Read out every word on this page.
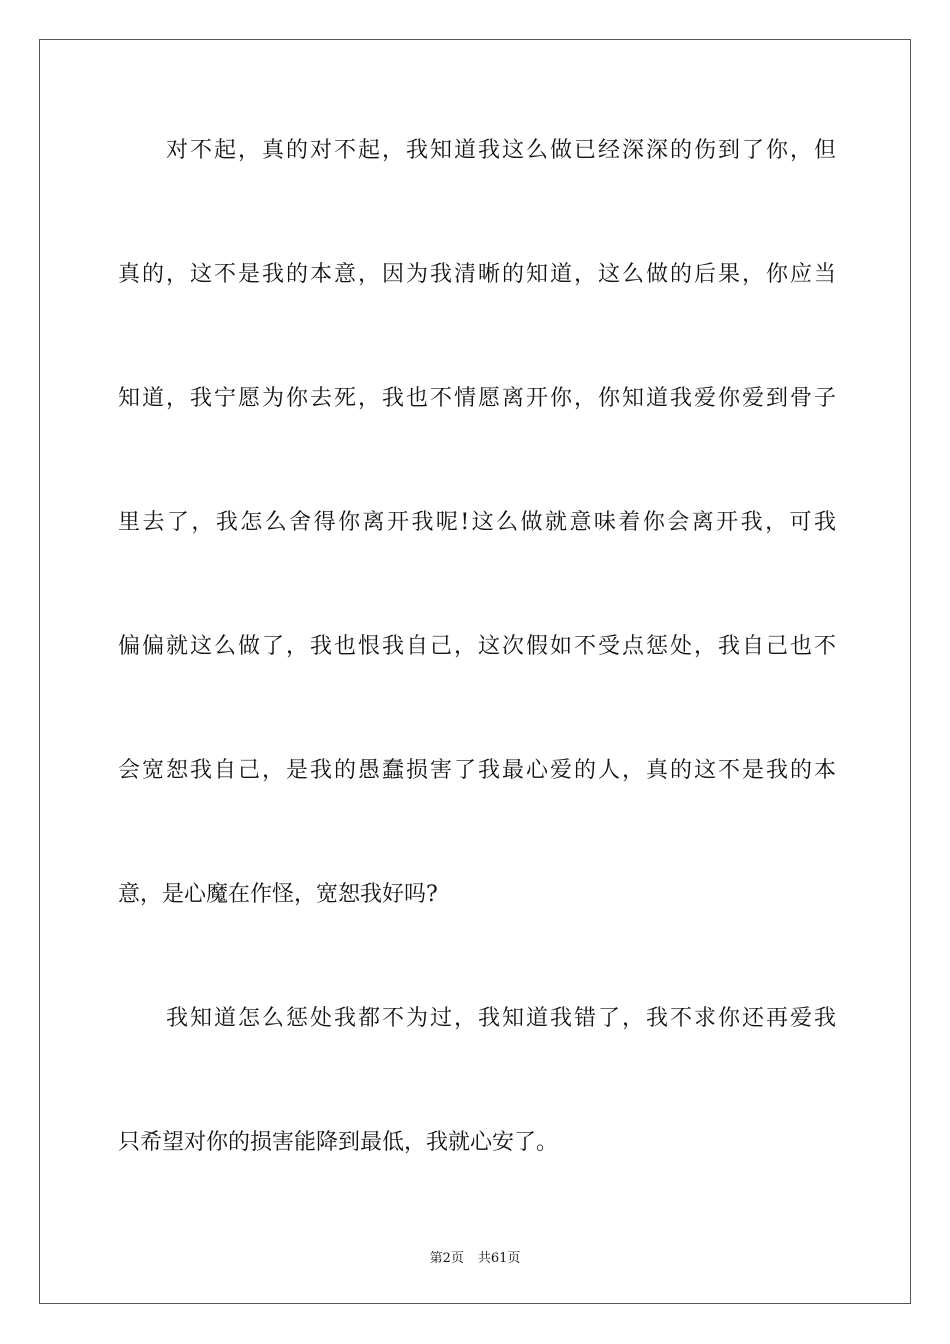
对不起，真的对不起，我知道我这么做已经深深的伤到了你，但
真的，这不是我的本意，因为我清晰的知道，这么做的后果，你应当
知道，我宁愿为你去死，我也不情愿离开你，你知道我爱你爱到骨子
里去了，我怎么舍得你离开我呢!这么做就意味着你会离开我，可我
偏偏就这么做了，我也恨我自己，这次假如不受点惩处，我自己也不
会宽恕我自己，是我的愚蠢损害了我最心爱的人，真的这不是我的本
意，是心魔在作怪，宽恕我好吗?
我知道怎么惩处我都不为过，我知道我错了，我不求你还再爱我
只希望对你的损害能降到最低，我就心安了。
第2页 共61页
